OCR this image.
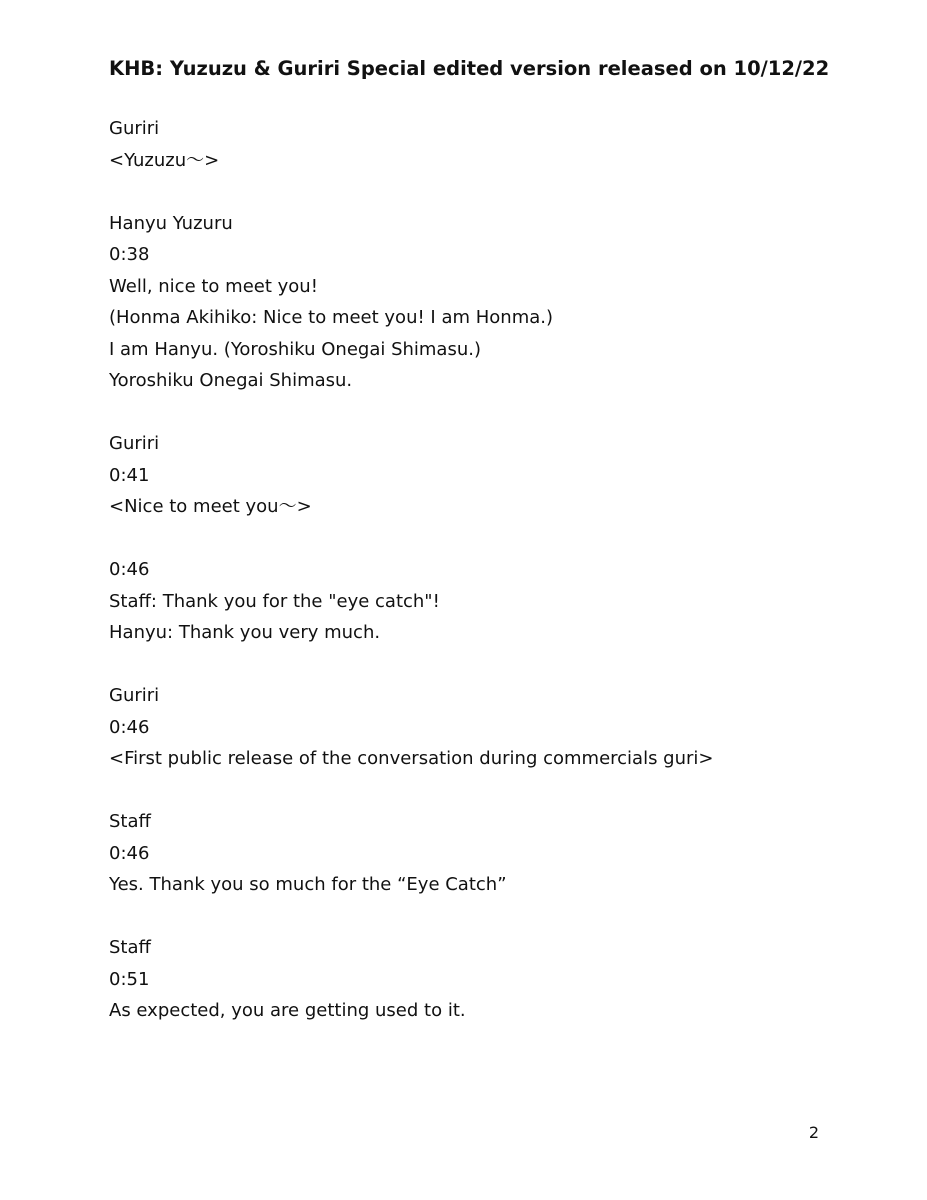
KHB: Yuzuzu & Guriri Special edited version released on 10/12/22
Guriri
<Yuzuzu～>
Hanyu Yuzuru
0:38
Well, nice to meet you!
(Honma Akihiko: Nice to meet you! I am Honma.)
I am Hanyu. (Yoroshiku Onegai Shimasu.)
Yoroshiku Onegai Shimasu.
Guriri
0:41
<Nice to meet you～>
0:46
Staff: Thank you for the "eye catch"!
Hanyu: Thank you very much.
Guriri
0:46
<First public release of the conversation during commercials guri>
Staff
0:46
Yes. Thank you so much for the “Eye Catch”
Staff
0:51
As expected, you are getting used to it.
2
